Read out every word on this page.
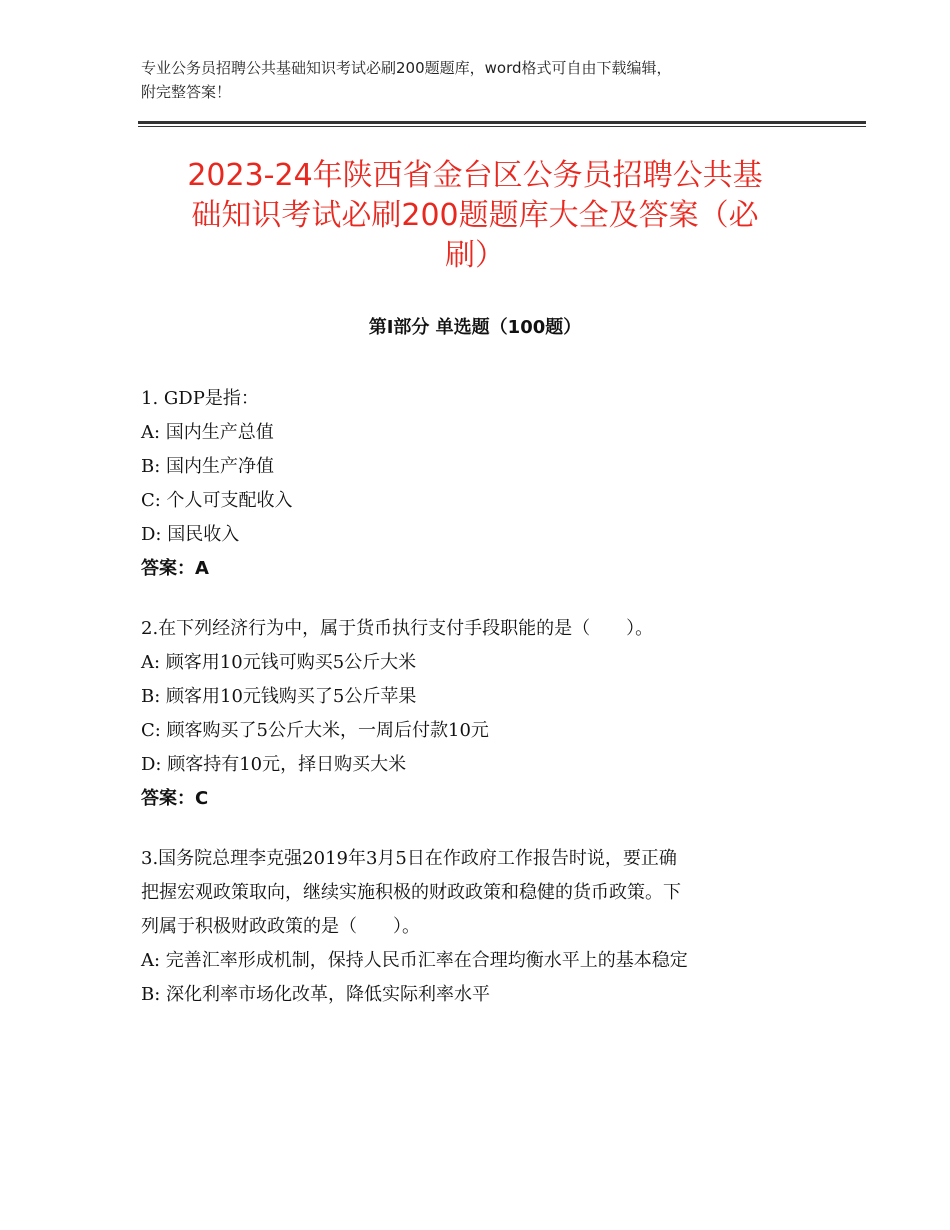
专业公务员招聘公共基础知识考试必刷200题题库，word格式可自由下载编辑，
附完整答案！
2023-24年陕西省金台区公务员招聘公共基
础知识考试必刷200题题库大全及答案（必
刷）
第Ⅰ部分 单选题（100题）
1. GDP是指：
A: 国内生产总值
B: 国内生产净值
C: 个人可支配收入
D: 国民收入
答案：A
2.在下列经济行为中，属于货币执行支付手段职能的是（　　）。
A: 顾客用10元钱可购买5公斤大米
B: 顾客用10元钱购买了5公斤苹果
C: 顾客购买了5公斤大米，一周后付款10元
D: 顾客持有10元，择日购买大米
答案：C
3.国务院总理李克强2019年3月5日在作政府工作报告时说，要正确
把握宏观政策取向，继续实施积极的财政政策和稳健的货币政策。下
列属于积极财政政策的是（　　）。
A: 完善汇率形成机制，保持人民币汇率在合理均衡水平上的基本稳定
B: 深化利率市场化改革，降低实际利率水平
